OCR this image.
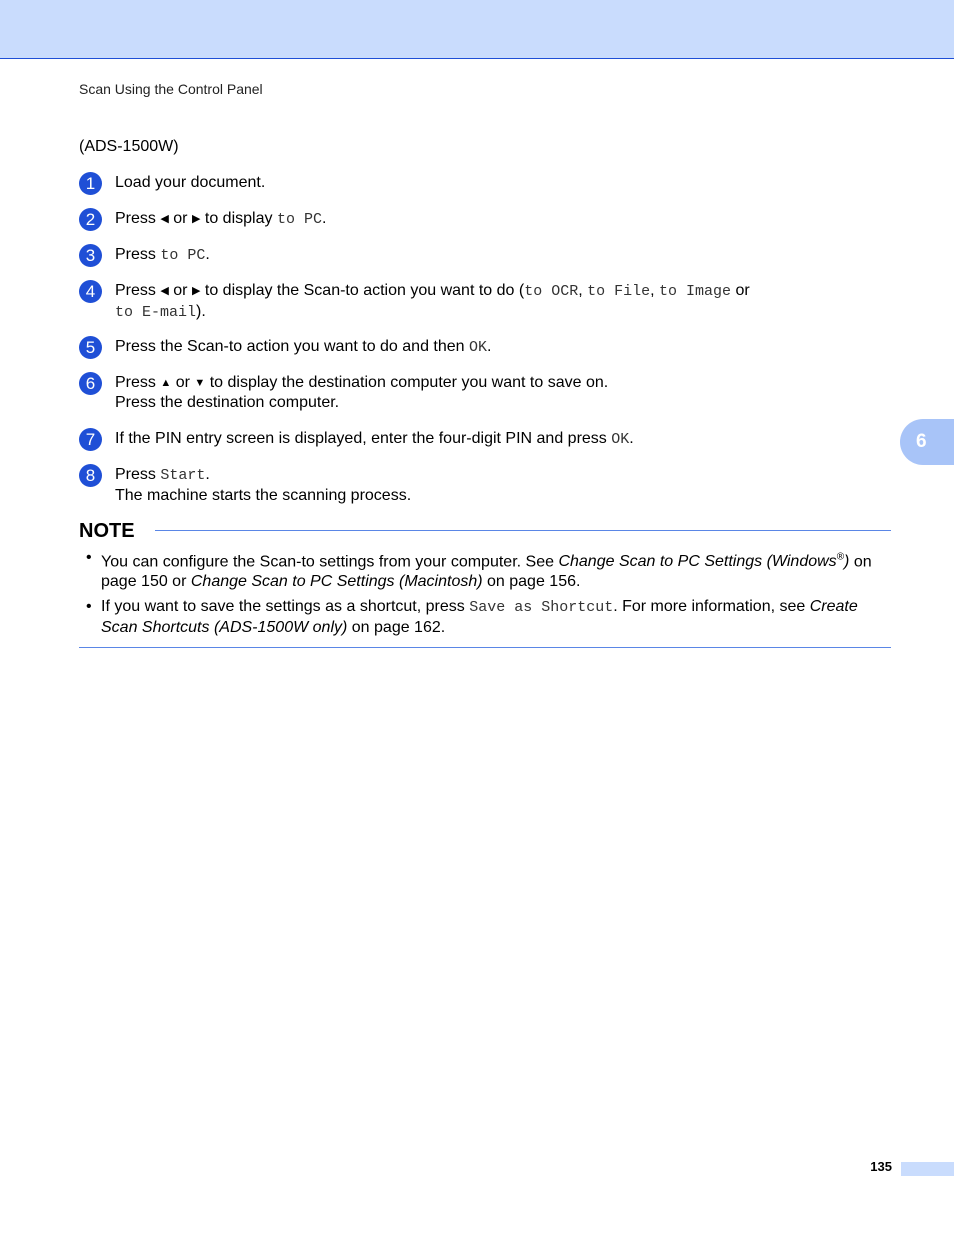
Scan Using the Control Panel
(ADS-1500W)
1	Load your document.
2	Press ◀ or ▶ to display to PC.
3	Press to PC.
4	Press ◀ or ▶ to display the Scan-to action you want to do (to OCR, to File, to Image or
to E-mail).
5	Press the Scan-to action you want to do and then OK.
6	Press ▲ or ▼ to display the destination computer you want to save on.
Press the destination computer.
7	If the PIN entry screen is displayed, enter the four-digit PIN and press OK.
8	Press Start.
The machine starts the scanning process.
6
NOTE
• You can configure the Scan-to settings from your computer. See Change Scan to PC Settings (Windows®) on page 150 or Change Scan to PC Settings (Macintosh) on page 156.
• If you want to save the settings as a shortcut, press Save as Shortcut. For more information, see Create Scan Shortcuts (ADS-1500W only) on page 162.
135
